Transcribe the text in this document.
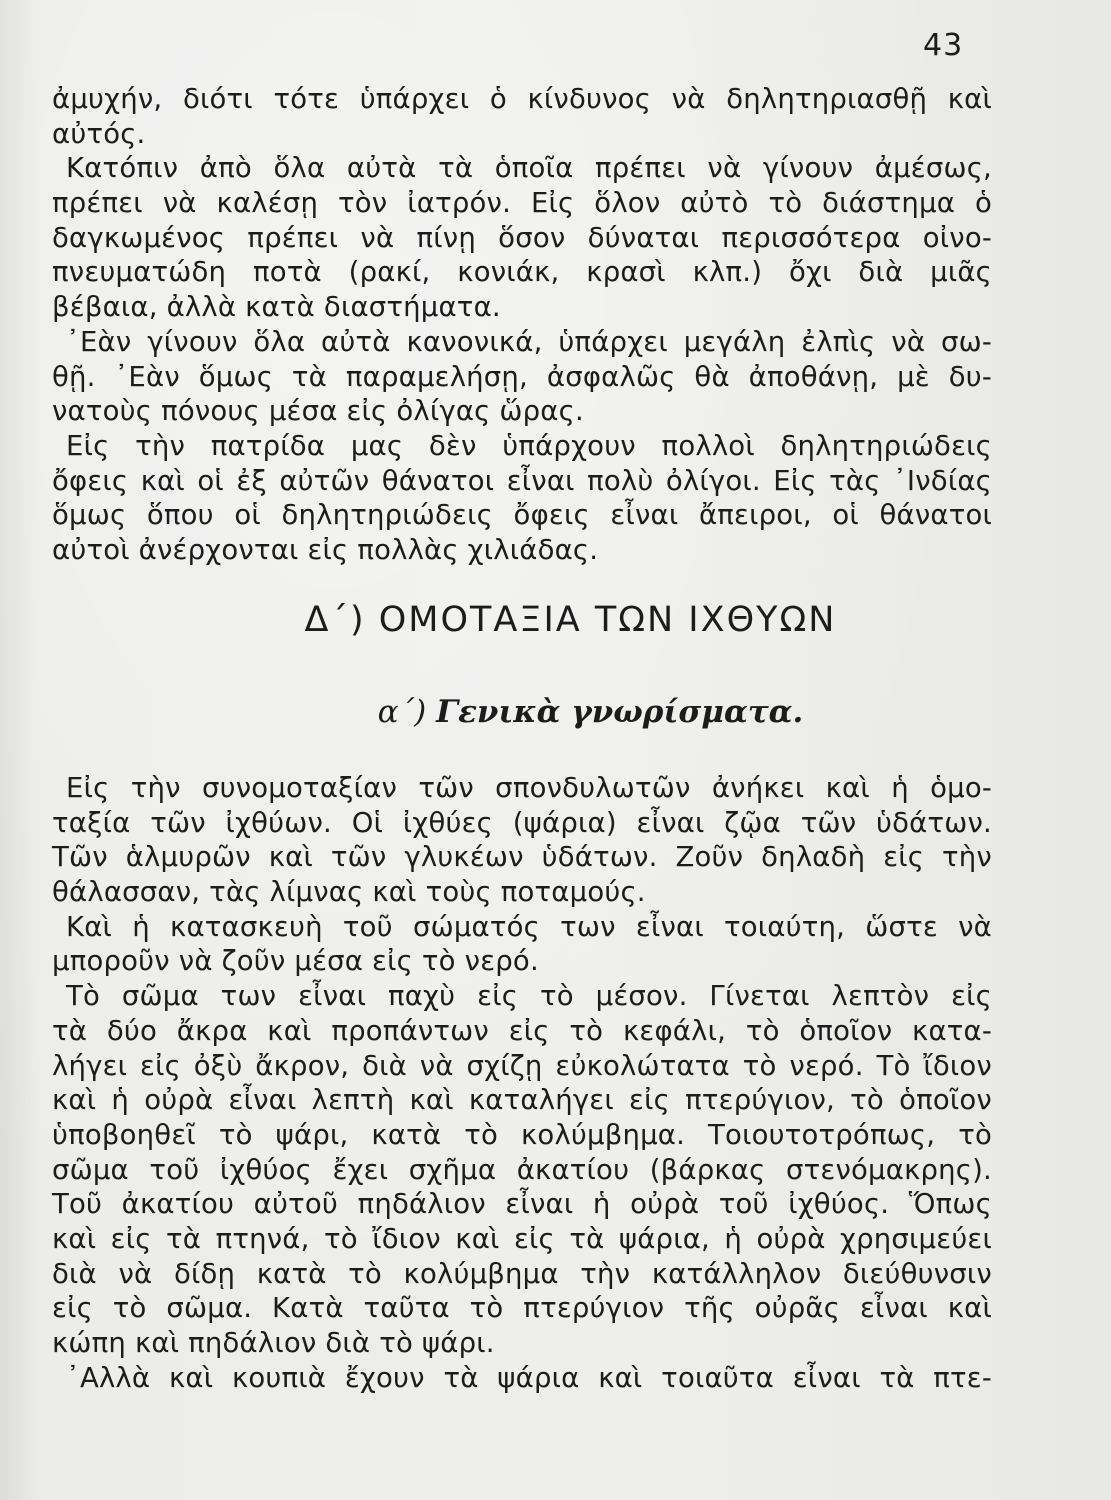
43
ἀμυχήν, διότι τότε ὑπάρχει ὁ κίνδυνος νὰ δηλητηριασθῇ καὶ
αὐτός.
Κατόπιν ἀπὸ ὅλα αὐτὰ τὰ ὁποῖα πρέπει νὰ γίνουν ἀμέσως,
πρέπει νὰ καλέσῃ τὸν ἰατρόν. Εἰς ὅλον αὐτὸ τὸ διάστημα ὁ
δαγκωμένος πρέπει νὰ πίνῃ ὅσον δύναται περισσότερα οἰνο-
πνευματώδη ποτὰ (ρακί, κονιάκ, κρασὶ κλπ.) ὄχι διὰ μιᾶς
βέβαια, ἀλλὰ κατὰ διαστήματα.
᾿Εὰν γίνουν ὅλα αὐτὰ κανονικά, ὑπάρχει μεγάλη ἐλπὶς νὰ σω-
θῇ. ᾿Εὰν ὅμως τὰ παραμελήσῃ, ἀσφαλῶς θὰ ἀποθάνῃ, μὲ δυ-
νατοὺς πόνους μέσα εἰς ὀλίγας ὥρας.
Εἰς τὴν πατρίδα μας δὲν ὑπάρχουν πολλοὶ δηλητηριώδεις
ὄφεις καὶ οἱ ἐξ αὐτῶν θάνατοι εἶναι πολὺ ὀλίγοι. Εἰς τὰς ᾿Ινδίας
ὅμως ὅπου οἱ δηλητηριώδεις ὄφεις εἶναι ἄπειροι, οἱ θάνατοι
αὐτοὶ ἀνέρχονται εἰς πολλὰς χιλιάδας.
Δ΄) ΟΜΟΤΑΞΙΑ ΤΩΝ ΙΧΘΥΩΝ
α΄) Γενικὰ γνωρίσματα.
Εἰς τὴν συνομοταξίαν τῶν σπονδυλωτῶν ἀνήκει καὶ ἡ ὁμο-
ταξία τῶν ἰχθύων. Οἱ ἰχθύες (ψάρια) εἶναι ζῷα τῶν ὑδάτων.
Τῶν ἁλμυρῶν καὶ τῶν γλυκέων ὑδάτων. Ζοῦν δηλαδὴ εἰς τὴν
θάλασσαν, τὰς λίμνας καὶ τοὺς ποταμούς.
Καὶ ἡ κατασκευὴ τοῦ σώματός των εἶναι τοιαύτη, ὥστε νὰ
μποροῦν νὰ ζοῦν μέσα εἰς τὸ νερό.
Τὸ σῶμα των εἶναι παχὺ εἰς τὸ μέσον. Γίνεται λεπτὸν εἰς
τὰ δύο ἄκρα καὶ προπάντων εἰς τὸ κεφάλι, τὸ ὁποῖον κατα-
λήγει εἰς ὀξὺ ἄκρον, διὰ νὰ σχίζῃ εὐκολώτατα τὸ νερό. Τὸ ἴδιον
καὶ ἡ οὐρὰ εἶναι λεπτὴ καὶ καταλήγει εἰς πτερύγιον, τὸ ὁποῖον
ὑποβοηθεῖ τὸ ψάρι, κατὰ τὸ κολύμβημα. Τοιουτοτρόπως, τὸ
σῶμα τοῦ ἰχθύος ἔχει σχῆμα ἀκατίου (βάρκας στενόμακρης).
Τοῦ ἀκατίου αὐτοῦ πηδάλιον εἶναι ἡ οὐρὰ τοῦ ἰχθύος. Ὅπως
καὶ εἰς τὰ πτηνά, τὸ ἴδιον καὶ εἰς τὰ ψάρια, ἡ οὐρὰ χρησιμεύει
διὰ νὰ δίδῃ κατὰ τὸ κολύμβημα τὴν κατάλληλον διεύθυνσιν
εἰς τὸ σῶμα. Κατὰ ταῦτα τὸ πτερύγιον τῆς οὐρᾶς εἶναι καὶ
κώπη καὶ πηδάλιον διὰ τὸ ψάρι.
᾿Αλλὰ καὶ κουπιὰ ἔχουν τὰ ψάρια καὶ τοιαῦτα εἶναι τὰ πτε-
